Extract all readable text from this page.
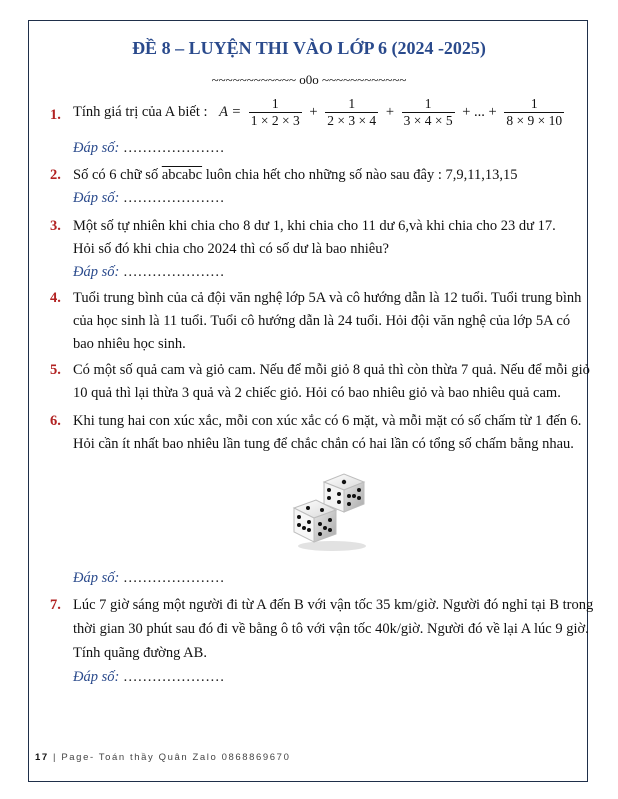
ĐỀ 8 – LUYỆN THI VÀO LỚP 6 (2024 -2025)
~~~~~~~~~~~~ o0o ~~~~~~~~~~~~
1. Tính giá trị của A biết : $A = \frac{1}{1 \times 2 \times 3} + \frac{1}{2 \times 3 \times 4} + \frac{1}{3 \times 4 \times 5}$ + ... + $\frac{1}{8 \times 9 \times 10}$
Đáp số: …………………
2. Số có 6 chữ số abcabc luôn chia hết cho những số nào sau đây : 7,9,11,13,15
Đáp số: …………………
3. Một số tự nhiên khi chia cho 8 dư 1, khi chia cho 11 dư 6,và khi chia cho 23 dư 17.
Hỏi số đó khi chia cho 2024 thì có số dư là bao nhiêu?
Đáp số: …………………
4. Tuổi trung bình của cả đội văn nghệ lớp 5A và cô hướng dẫn là 12 tuổi. Tuổi trung bình
của học sinh là 11 tuổi. Tuổi cô hướng dẫn là 24 tuổi. Hỏi đội văn nghệ của lớp 5A có
bao nhiêu học sinh.
5. Có một số quả cam và giỏ cam. Nếu để mỗi giỏ 8 quả thì còn thừa 7 quả. Nếu để mỗi giỏ
10 quả thì lại thừa 3 quả và 2 chiếc giỏ. Hỏi có bao nhiêu giỏ và bao nhiêu quả cam.
6. Khi tung hai con xúc xắc, mỗi con xúc xắc có 6 mặt, và mỗi mặt có số chấm từ 1 đến 6.
Hỏi cần ít nhất bao nhiêu lần tung để chắc chắn có hai lần có tổng số chấm bằng nhau.
Đáp số: …………………
7. Lúc 7 giờ sáng một người đi từ A đến B với vận tốc 35 km/giờ. Người đó nghỉ tại B trong
thời gian 30 phút sau đó đi về bằng ô tô với vận tốc 40k/giờ. Người đó về lại A lúc 9 giờ.
Tính quãng đường AB.
Đáp số: …………………
17 | Page- Toán thầy Quân Zalo 0868869670
